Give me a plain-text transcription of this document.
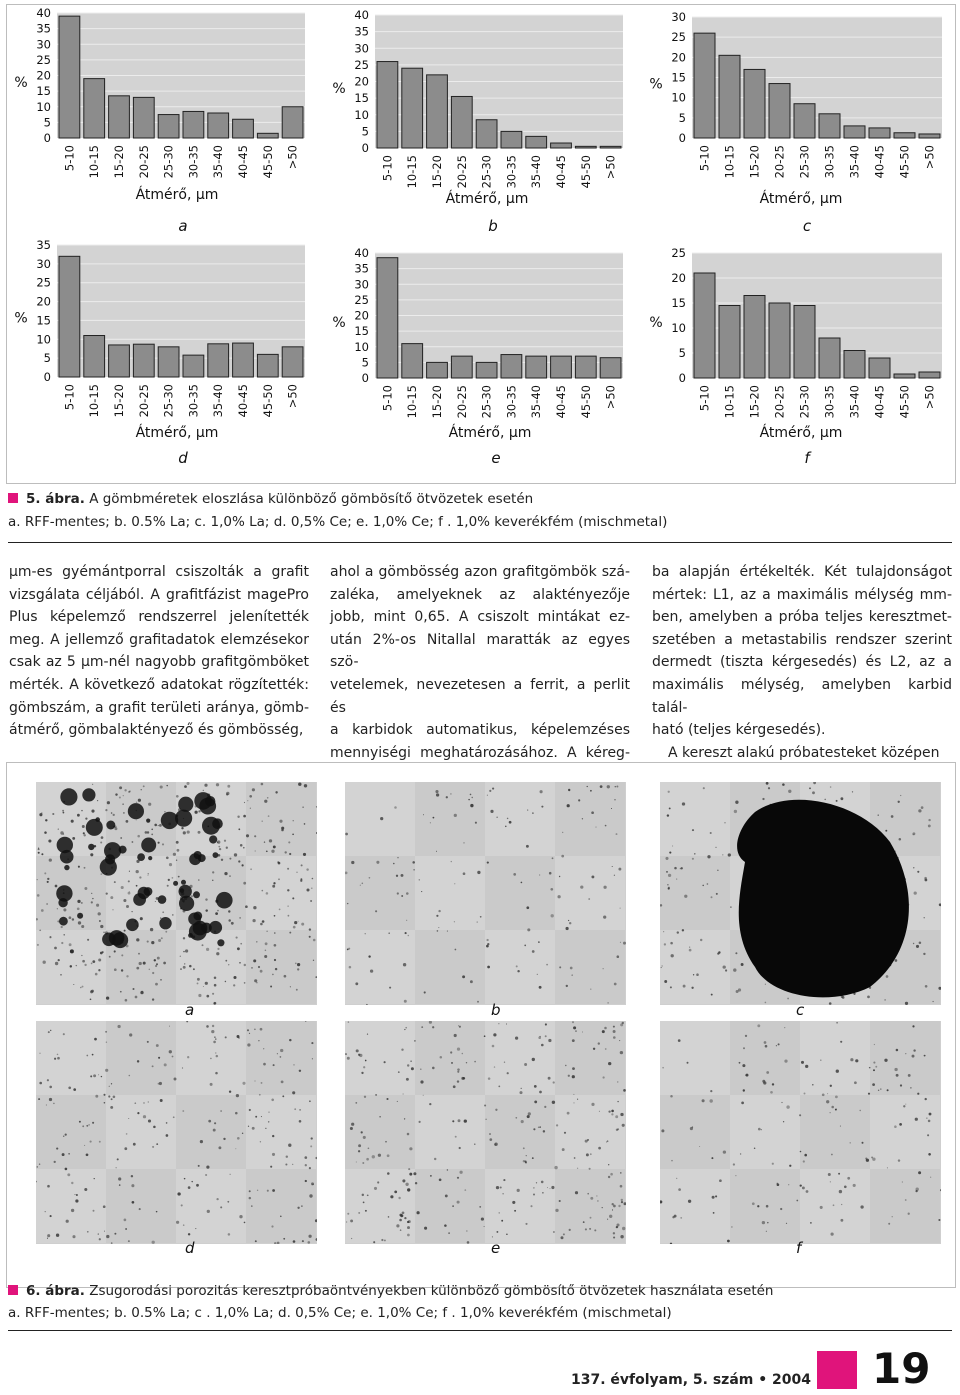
0
5
10
15
20
25
30
35
40
%
5-10 10-15 15-20 20-25 25-30 30-35 35-40 40-45 45-50 >50
Átmérő, µm
a
0
5
10
15
20
25
30
35
40
%
5-10 10-15 15-20 20-25 25-30 30-35 35-40 40-45 45-50 >50
Átmérő, µm
b
0
5
10
15
20
25
30
%
5-10 10-15 15-20 20-25 25-30 30-35 35-40 40-45 45-50 >50
Átmérő, µm
c
0
5
10
15
20
25
30
35
%
5-10 10-15 15-20 20-25 25-30 30-35 35-40 40-45 45-50 >50
Átmérő, µm
d
0
5
10
15
20
25
30
35
40
%
5-10 10-15 15-20 20-25 25-30 30-35 35-40 40-45 45-50 >50
Átmérő, µm
e
0
5
10
15
20
25
%
5-10 10-15 15-20 20-25 25-30 30-35 35-40 40-45 45-50 >50
Átmérő, µm
f
5. ábra. A gömbméretek eloszlása különböző gömbösítő ötvözetek esetén
a. RFF-mentes; b. 0.5% La; c. 1,0% La; d. 0,5% Ce; e. 1,0% Ce; f . 1,0% keverékfém (mischmetal)

µm-es gyémántporral csiszolták a grafit

vizsgálata céljából. A grafitfázist magePro

Plus képelemző rendszerrel jelenítették

meg. A jellemző grafitadatok elemzésekor

csak az 5 µm-nél nagyobb grafitgömböket

mérték. A következő adatokat rögzítették:

gömbszám, a grafit területi aránya, gömb-

átmérő, gömbalaktényező és gömbösség,

ahol a gömbösség azon grafitgömbök szá-

zaléka, amelyeknek az alaktényezője

jobb, mint 0,65. A csiszolt mintákat ez-

után 2%-os Nitallal maratták az egyes szö-

vetelemek, nevezetesen a ferrit, a perlit és

a karbidok automatikus, képelemzéses

mennyiségi meghatározásához. A kéreg-

ba alapján értékelték. Két tulajdonságot

mértek: L1, az a maximális mélység mm-

ben, amelyben a próba teljes keresztmet-

szetében a metastabilis rendszer szerint

dermedt (tiszta kérgesedés) és L2, az a

maximális mélység, amelyben karbid talál-

ható (teljes kérgesedés).

A kereszt alakú próbatesteket középen

a	b	c
d	e	f
6. ábra. Zsugorodási porozitás keresztpróbaöntvényekben különböző gömbösítő ötvözetek használata esetén
a. RFF-mentes; b. 0.5% La; c . 1,0% La; d. 0,5% Ce; e. 1,0% Ce; f . 1,0% keverékfém (mischmetal)
137. évfolyam, 5. szám • 2004 19
